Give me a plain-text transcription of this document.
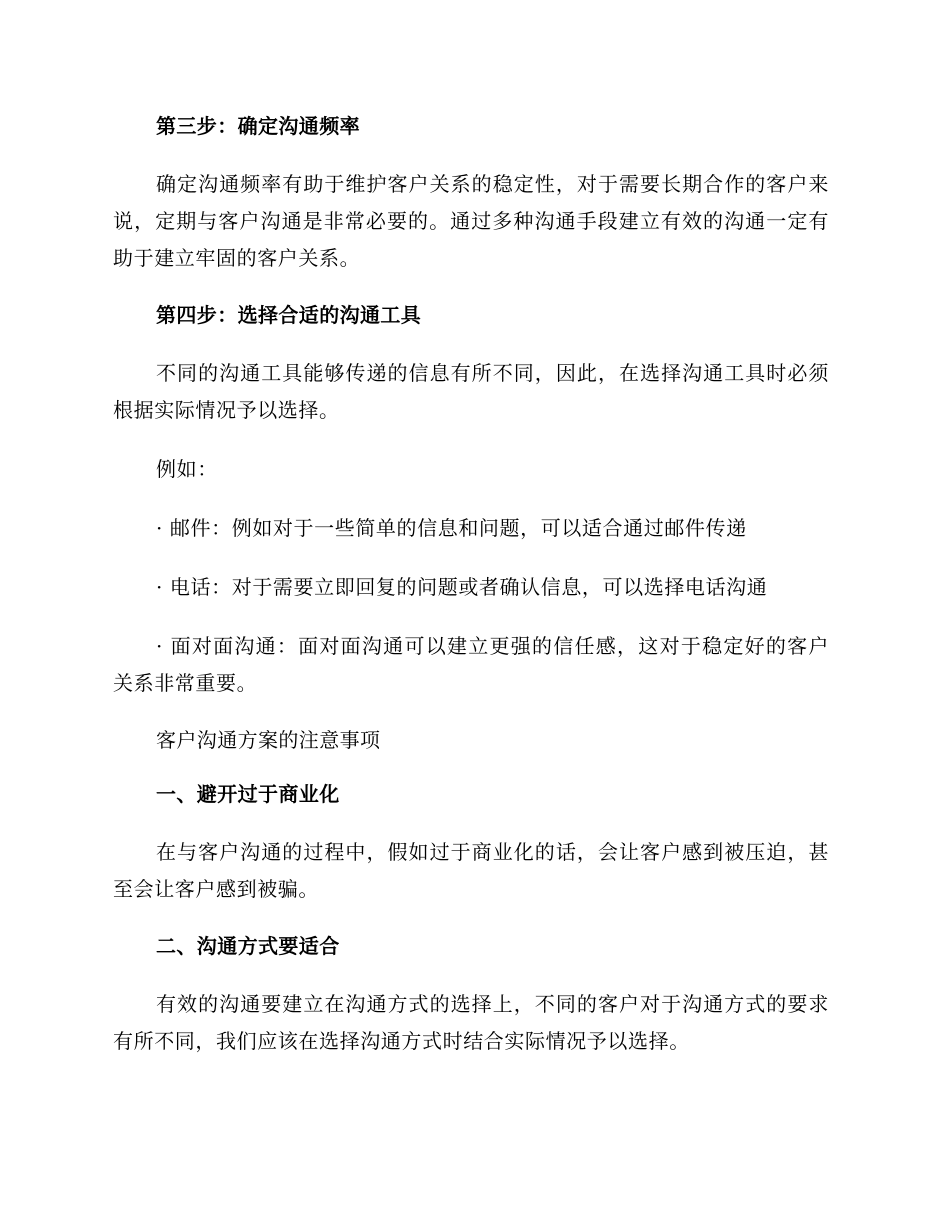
第三步：确定沟通频率

确定沟通频率有助于维护客户关系的稳定性，对于需要长期合作的客户来说，定期与客户沟通是非常必要的。通过多种沟通手段建立有效的沟通一定有助于建立牢固的客户关系。

第四步：选择合适的沟通工具

不同的沟通工具能够传递的信息有所不同，因此，在选择沟通工具时必须根据实际情况予以选择。

例如：

· 邮件：例如对于一些简单的信息和问题，可以适合通过邮件传递

· 电话：对于需要立即回复的问题或者确认信息，可以选择电话沟通

· 面对面沟通：面对面沟通可以建立更强的信任感，这对于稳定好的客户关系非常重要。

客户沟通方案的注意事项

一、避开过于商业化

在与客户沟通的过程中，假如过于商业化的话，会让客户感到被压迫，甚至会让客户感到被骗。

二、沟通方式要适合

有效的沟通要建立在沟通方式的选择上，不同的客户对于沟通方式的要求有所不同，我们应该在选择沟通方式时结合实际情况予以选择。
